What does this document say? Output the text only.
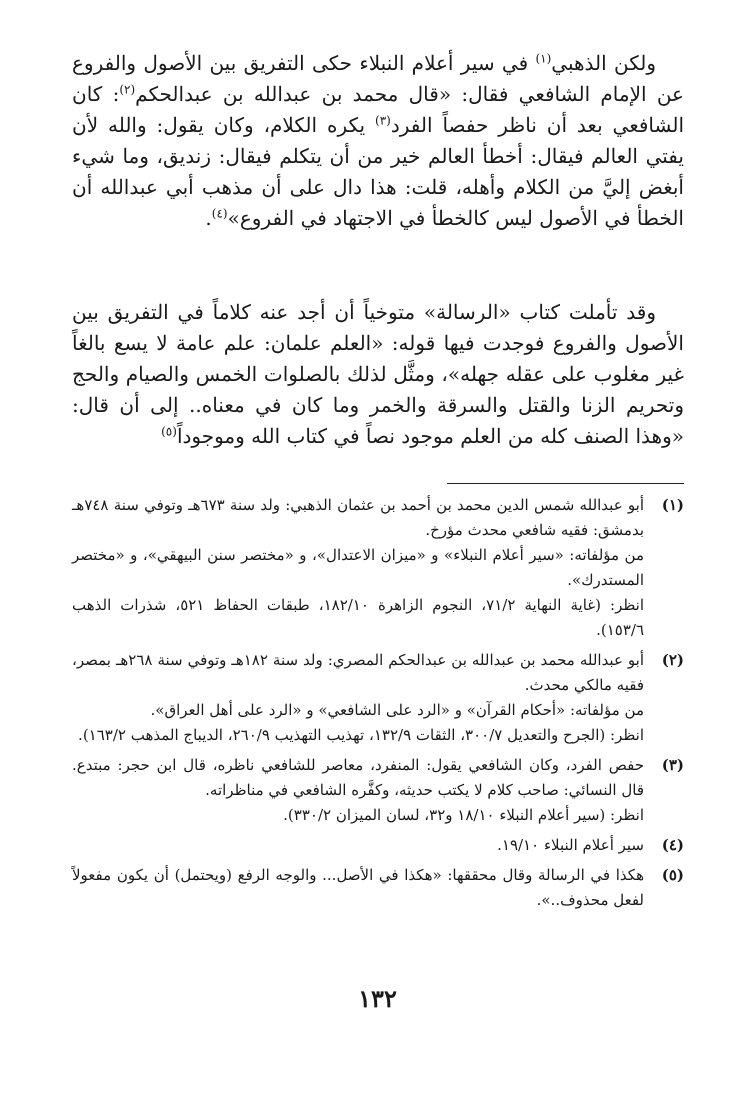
ولكن الذهبي$^{(١)}$ في سير أعلام النبلاء حكى التفريق بين الأصول والفروع عن الإمام الشافعي فقال: «قال محمد بن عبدالله بن عبدالحكم$^{(٢)}$: كان الشافعي بعد أن ناظر حفصاً الفرد$^{(٣)}$ يكره الكلام، وكان يقول: والله لأن يفتي العالم فيقال: أخطأ العالم خير من أن يتكلم فيقال: زنديق، وما شيء أبغض إليَّ من الكلام وأهله، قلت: هذا دال على أن مذهب أبي عبدالله أن الخطأ في الأصول ليس كالخطأ في الاجتهاد في الفروع»$^{(٤)}$.

وقد تأملت كتاب «الرسالة» متوخياً أن أجد عنه كلاماً في التفريق بين الأصول والفروع فوجدت فيها قوله: «العلم علمان: علم عامة لا يسع بالغاً غير مغلوب على عقله جهله»، ومثَّل لذلك بالصلوات الخمس والصيام والحج وتحريم الزنا والقتل والسرقة والخمر وما كان في معناه.. إلى أن قال: «وهذا الصنف كله من العلم موجود نصاً في كتاب الله وموجوداً$^{(٥)}$

(١)

أبو عبدالله شمس الدين محمد بن أحمد بن عثمان الذهبي: ولد سنة ٦٧٣هـ وتوفي سنة ٧٤٨هـ بدمشق: فقيه شافعي محدث مؤرخ.

من مؤلفاته: «سير أعلام النبلاء» و «ميزان الاعتدال»، و «مختصر سنن البيهقي»، و «مختصر المستدرك».

انظر: (غاية النهاية ٧١/٢، النجوم الزاهرة ١٨٢/١٠، طبقات الحفاظ ٥٢١، شذرات الذهب ١٥٣/٦).

(٢)

أبو عبدالله محمد بن عبدالله بن عبدالحكم المصري: ولد سنة ١٨٢هـ وتوفي سنة ٢٦٨هـ بمصر، فقيه مالكي محدث.

من مؤلفاته: «أحكام القرآن» و «الرد على الشافعي» و «الرد على أهل العراق».

انظر: (الجرح والتعديل ٣٠٠/٧، الثقات ١٣٢/٩، تهذيب التهذيب ٢٦٠/٩، الديباج المذهب ١٦٣/٢).

(٣)

حفص الفرد، وكان الشافعي يقول: المنفرد، معاصر للشافعي ناظره، قال ابن حجر: مبتدع. قال النسائي: صاحب كلام لا يكتب حديثه، وكفَّره الشافعي في مناظراته.

انظر: (سير أعلام النبلاء ١٨/١٠ و٣٢، لسان الميزان ٣٣٠/٢).

(٤)

سير أعلام النبلاء ١٩/١٠.

(٥)

هكذا في الرسالة وقال محققها: «هكذا في الأصل... والوجه الرفع (ويحتمل) أن يكون مفعولاً لفعل محذوف..».

١٣٢
